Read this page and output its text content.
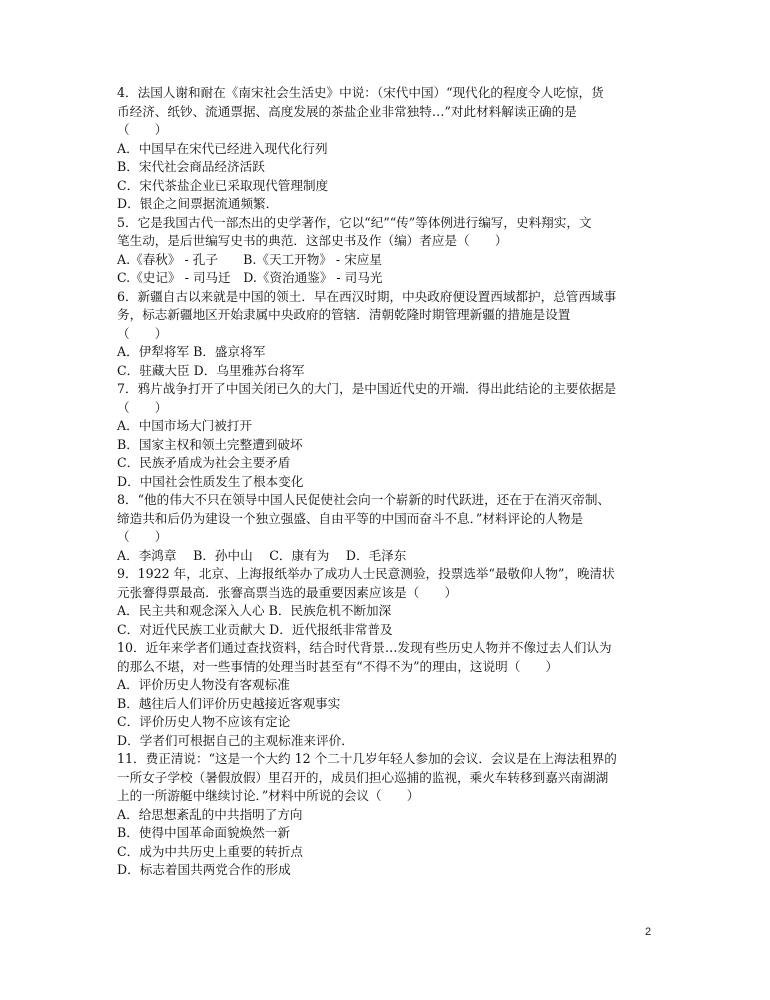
4．法国人谢和耐在《南宋社会生活史》中说：（宋代中国）“现代化的程度令人吃惊，货
币经济、纸钞、流通票据、高度发展的茶盐企业非常独特…”对此材料解读正确的是
（　　）
A．中国早在宋代已经进入现代化行列
B．宋代社会商品经济活跃
C．宋代茶盐企业已采取现代管理制度
D．银企之间票据流通频繁．
5．它是我国古代一部杰出的史学著作，它以“纪”“传”等体例进行编写，史料翔实，文
笔生动，是后世编写史书的典范．这部史书及作（编）者应是（　　）
A.《春秋》 - 孔子　　B.《天工开物》 - 宋应星
C.《史记》 - 司马迁　D.《资治通鉴》 - 司马光
6．新疆自古以来就是中国的领土．早在西汉时期，中央政府便设置西域都护，总管西域事
务，标志新疆地区开始隶属中央政府的管辖．清朝乾隆时期管理新疆的措施是设置
（　　）
A．伊犁将军 B．盛京将军
C．驻藏大臣 D．乌里雅苏台将军
7．鸦片战争打开了中国关闭已久的大门，是中国近代史的开端．得出此结论的主要依据是
（　　）
A．中国市场大门被打开
B．国家主权和领土完整遭到破坏
C．民族矛盾成为社会主要矛盾
D．中国社会性质发生了根本变化
8．“他的伟大不只在领导中国人民促使社会向一个崭新的时代跃进，还在于在消灭帝制、
缔造共和后仍为建设一个独立强盛、自由平等的中国而奋斗不息．”材料评论的人物是
（　　）
A．李鸿章　 B．孙中山　 C．康有为　 D．毛泽东
9．1922 年，北京、上海报纸举办了成功人士民意测验，投票选举“最敬仰人物”，晚清状
元张謇得票最高．张謇高票当选的最重要因素应该是（　　）
A．民主共和观念深入人心 B．民族危机不断加深
C．对近代民族工业贡献大 D．近代报纸非常普及
10．近年来学者们通过查找资料，结合时代背景…发现有些历史人物并不像过去人们认为
的那么不堪，对一些事情的处理当时甚至有“不得不为”的理由，这说明（　　）
A．评价历史人物没有客观标准
B．越往后人们评价历史越接近客观事实
C．评价历史人物不应该有定论
D．学者们可根据自己的主观标准来评价．
11．费正清说：“这是一个大约 12 个二十几岁年轻人参加的会议．会议是在上海法租界的
一所女子学校（暑假放假）里召开的，成员们担心巡捕的监视，乘火车转移到嘉兴南湖湖
上的一所游艇中继续讨论．”材料中所说的会议（　　）
A．给思想紊乱的中共指明了方向
B．使得中国革命面貌焕然一新
C．成为中共历史上重要的转折点
D．标志着国共两党合作的形成
2
